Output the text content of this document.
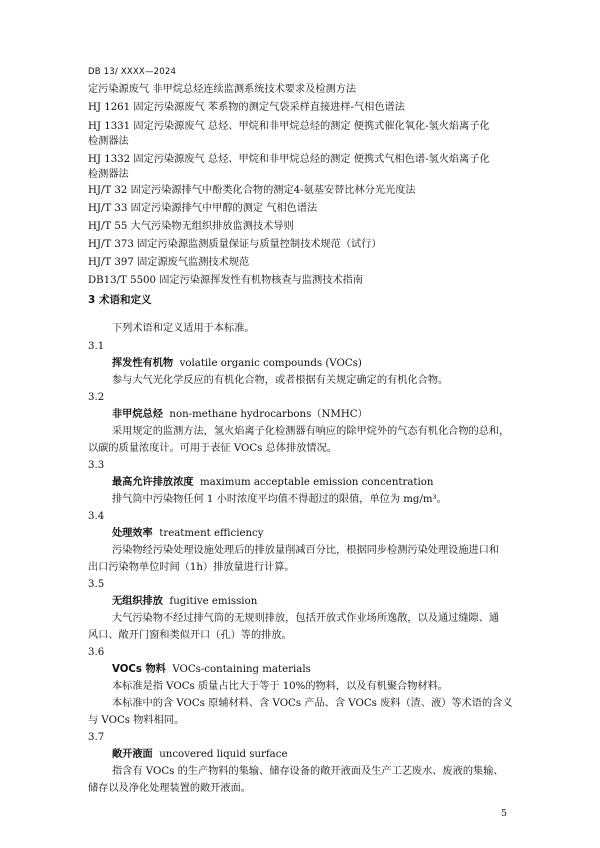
DB 13/ XXXX—2024
定污染源废气 非甲烷总烃连续监测系统技术要求及检测方法
HJ 1261 固定污染源废气 苯系物的测定气袋采样直接进样-气相色谱法
HJ 1331 固定污染源废气 总烃、甲烷和非甲烷总烃的测定 便携式催化氧化-氢火焰离子化
检测器法
HJ 1332 固定污染源废气 总烃、甲烷和非甲烷总烃的测定 便携式气相色谱-氢火焰离子化
检测器法
HJ/T 32 固定污染源排气中酚类化合物的测定4-氨基安替比林分光光度法
HJ/T 33 固定污染源排气中甲醇的测定 气相色谱法
HJ/T 55 大气污染物无组织排放监测技术导则
HJ/T 373 固定污染源监测质量保证与质量控制技术规范（试行）
HJ/T 397 固定源废气监测技术规范
DB13/T 5500 固定污染源挥发性有机物核查与监测技术指南
3 术语和定义
下列术语和定义适用于本标准。
3.1
挥发性有机物 volatile organic compounds (VOCs)
参与大气光化学反应的有机化合物，或者根据有关规定确定的有机化合物。
3.2
非甲烷总烃 non-methane hydrocarbons（NMHC）
采用规定的监测方法，氢火焰离子化检测器有响应的除甲烷外的气态有机化合物的总和，
以碳的质量浓度计。可用于表征 VOCs 总体排放情况。
3.3
最高允许排放浓度 maximum acceptable emission concentration
排气筒中污染物任何 1 小时浓度平均值不得超过的限值，单位为 mg/m³。
3.4
处理效率 treatment efficiency
污染物经污染处理设施处理后的排放量削减百分比，根据同步检测污染处理设施进口和
出口污染物单位时间（1h）排放量进行计算。
3.5
无组织排放 fugitive emission
大气污染物不经过排气筒的无规则排放，包括开放式作业场所逸散，以及通过缝隙、通
风口、敞开门窗和类似开口（孔）等的排放。
3.6
VOCs 物料 VOCs-containing materials
本标准是指 VOCs 质量占比大于等于 10%的物料，以及有机聚合物材料。
本标准中的含 VOCs 原辅材料、含 VOCs 产品、含 VOCs 废料（渣、液）等术语的含义
与 VOCs 物料相同。
3.7
敞开液面 uncovered liquid surface
指含有 VOCs 的生产物料的集输、储存设备的敞开液面及生产工艺废水、废液的集输、
储存以及净化处理装置的敞开液面。
5
